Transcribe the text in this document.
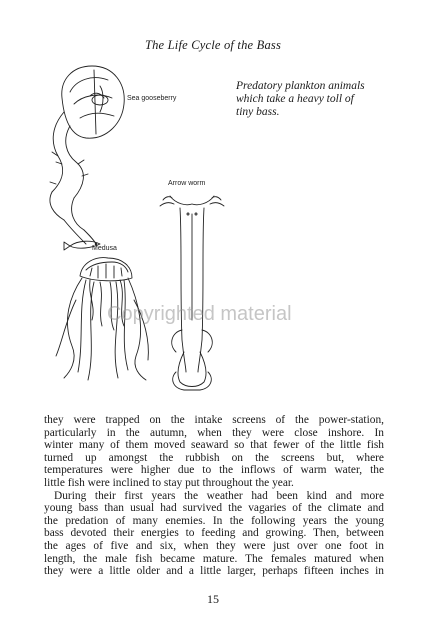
The Life Cycle of the Bass
Sea gooseberry
Arrow worm
Medusa
Predatory plankton animals
which take a heavy toll of
tiny bass.
Copyrighted material
they were trapped on the intake screens of the power-station,
particularly in the autumn, when they were close inshore. In
winter many of them moved seaward so that fewer of the little fish
turned up amongst the rubbish on the screens but, where
temperatures were higher due to the inflows of warm water, the
little fish were inclined to stay put throughout the year.
During their first years the weather had been kind and more
young bass than usual had survived the vagaries of the climate and
the predation of many enemies. In the following years the young
bass devoted their energies to feeding and growing. Then, between
the ages of five and six, when they were just over one foot in
length, the male fish became mature. The females matured when
they were a little older and a little larger, perhaps fifteen inches in
15
